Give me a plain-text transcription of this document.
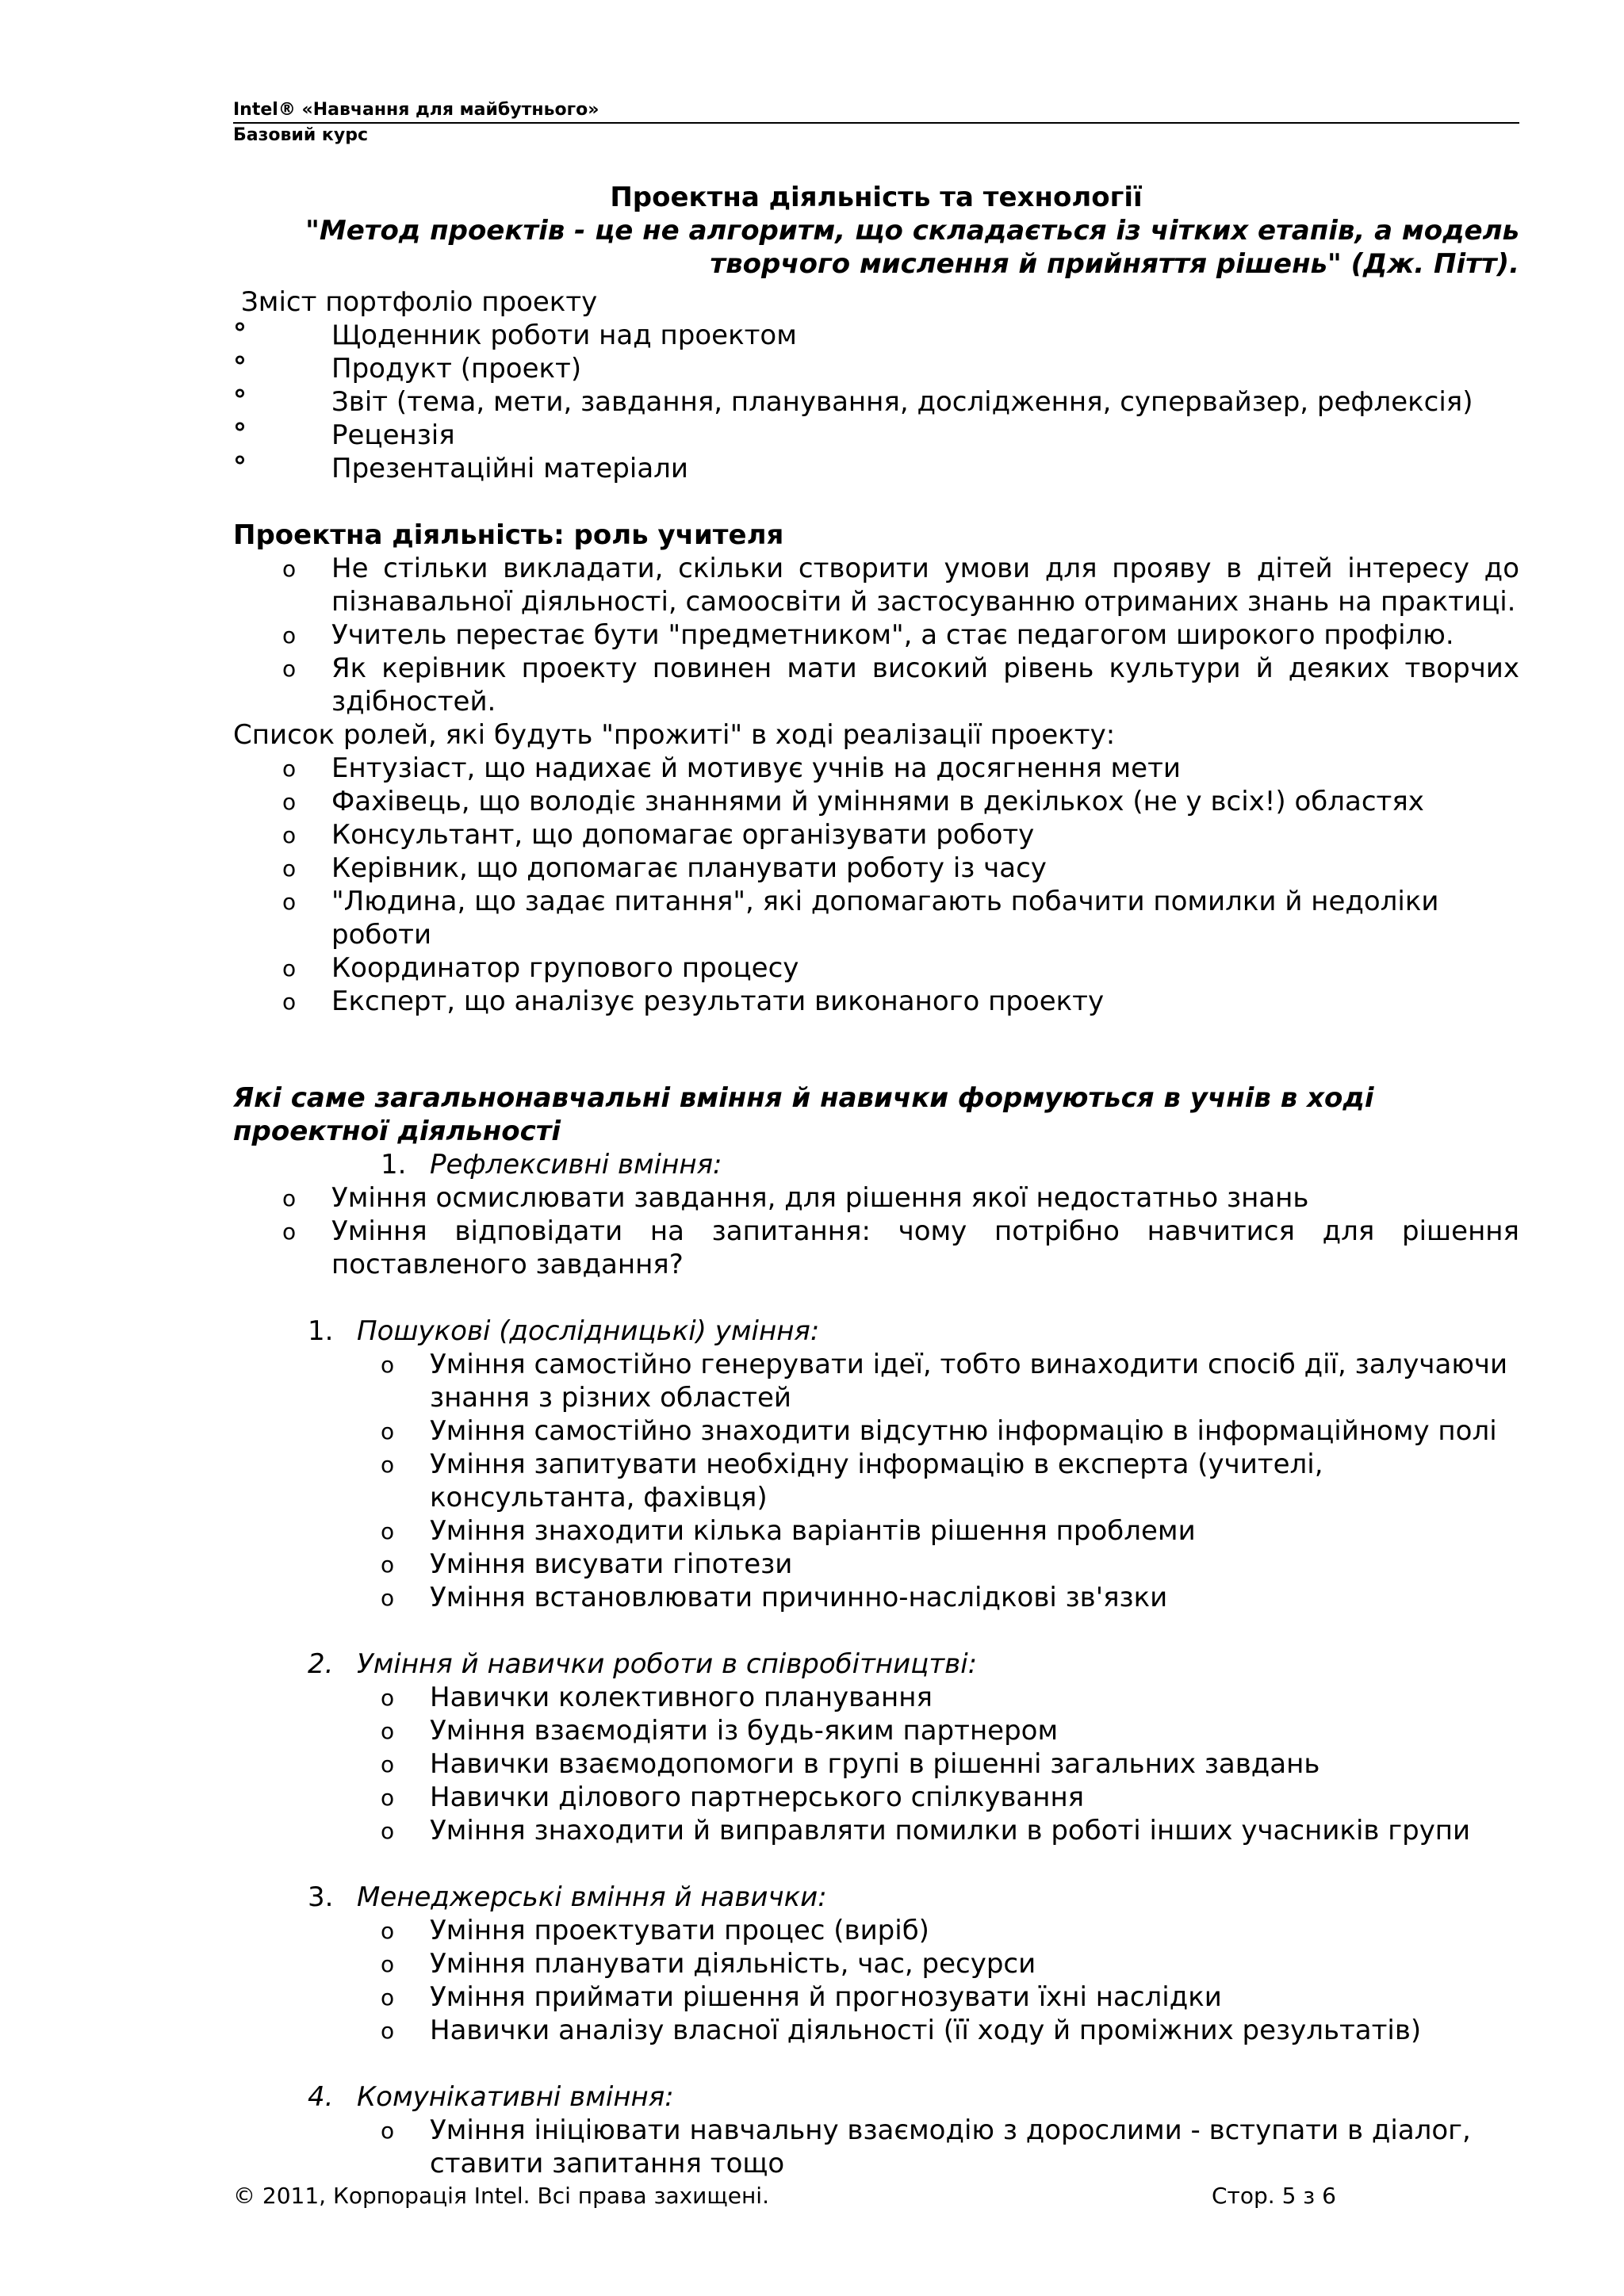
Intel® «Навчання для майбутнього»
Базовий курс
Проектна діяльність та технології
"Метод проектів - це не алгоритм, що складається із чітких етапів, а модель
творчого мислення й прийняття рішень" (Дж. Пітт).
Зміст портфоліо проекту
°	Щоденник роботи над проектом
°	Продукт (проект)
°	Звіт (тема, мети, завдання, планування, дослідження, супервайзер, рефлексія)
°	Рецензія
°	Презентаційні матеріали
Проектна діяльність: роль учителя
o Не стільки викладати, скільки створити умови для прояву в дітей інтересу до
пізнавальної діяльності, самоосвіти й застосуванню отриманих знань на практиці.
o Учитель перестає бути "предметником", а стає педагогом широкого профілю.
o Як керівник проекту повинен мати високий рівень культури й деяких творчих
здібностей.
Список ролей, які будуть "прожиті" в ході реалізації проекту:
o Ентузіаст, що надихає й мотивує учнів на досягнення мети
o Фахівець, що володіє знаннями й уміннями в декількох (не у всіх!) областях
o Консультант, що допомагає організувати роботу
o Керівник, що допомагає планувати роботу із часу
o "Людина, що задає питання", які допомагають побачити помилки й недоліки
роботи
o Координатор групового процесу
o Експерт, що аналізує результати виконаного проекту
Які саме загальнонавчальні вміння й навички формуються в учнів в ході
проектної діяльності
1. Рефлексивні вміння:
o Уміння осмислювати завдання, для рішення якої недостатньо знань
o Уміння відповідати на запитання: чому потрібно навчитися для рішення
поставленого завдання?
1. Пошукові (дослідницькі) уміння:
o Уміння самостійно генерувати ідеї, тобто винаходити спосіб дії, залучаючи
знання з різних областей
o Уміння самостійно знаходити відсутню інформацію в інформаційному полі
o Уміння запитувати необхідну інформацію в експерта (учителі,
консультанта, фахівця)
o Уміння знаходити кілька варіантів рішення проблеми
o Уміння висувати гіпотези
o Уміння встановлювати причинно-наслідкові зв'язки
2. Уміння й навички роботи в співробітництві:
o Навички колективного планування
o Уміння взаємодіяти із будь-яким партнером
o Навички взаємодопомоги в групі в рішенні загальних завдань
o Навички ділового партнерського спілкування
o Уміння знаходити й виправляти помилки в роботі інших учасників групи
3. Менеджерські вміння й навички:
o Уміння проектувати процес (виріб)
o Уміння планувати діяльність, час, ресурси
o Уміння приймати рішення й прогнозувати їхні наслідки
o Навички аналізу власної діяльності (її ходу й проміжних результатів)
4. Комунікативні вміння:
o Уміння ініціювати навчальну взаємодію з дорослими - вступати в діалог,
ставити запитання тощо
© 2011, Корпорація Intel. Всі права захищені.	Стор. 5 з 6
